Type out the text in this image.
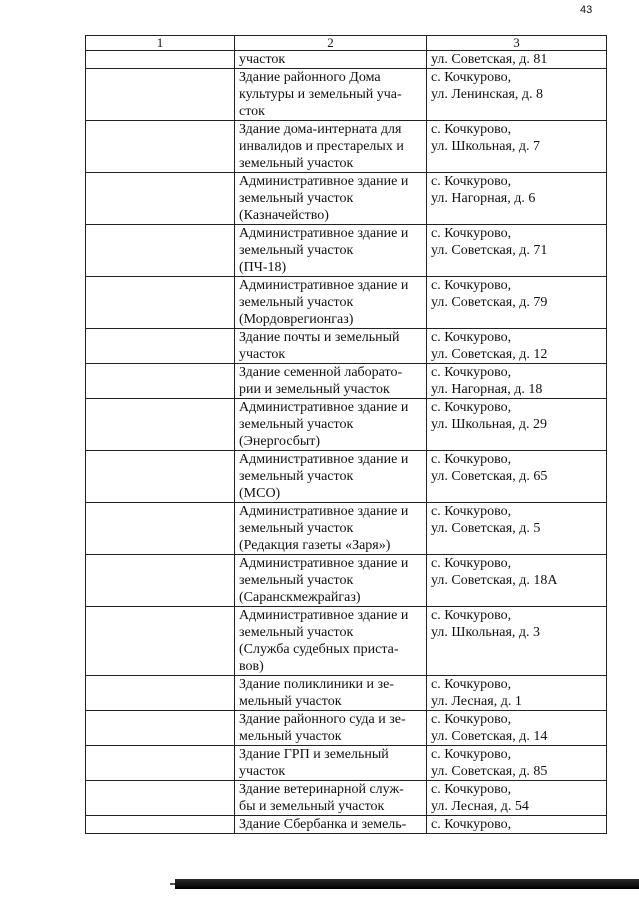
43
1	2	3

	участок	ул. Советская, д. 81

	Здание районного Дома
культуры и земельный уча-
сток	с. Кочкурово,
ул. Ленинская, д. 8

	Здание дома-интерната для
инвалидов и престарелых и
земельный участок	с. Кочкурово,
ул. Школьная, д. 7

	Административное здание и
земельный участок
(Казначейство)	с. Кочкурово,
ул. Нагорная, д. 6

	Административное здание и
земельный участок
(ПЧ-18)	с. Кочкурово,
ул. Советская, д. 71

	Административное здание и
земельный участок
(Мордоврегионгаз)	с. Кочкурово,
ул. Советская, д. 79

	Здание почты и земельный
участок	с. Кочкурово,
ул. Советская, д. 12

	Здание семенной лаборато-
рии и земельный участок	с. Кочкурово,
ул. Нагорная, д. 18

	Административное здание и
земельный участок
(Энергосбыт)	с. Кочкурово,
ул. Школьная, д. 29

	Административное здание и
земельный участок
(МСО)	с. Кочкурово,
ул. Советская, д. 65

	Административное здание и
земельный участок
(Редакция газеты «Заря»)	с. Кочкурово,
ул. Советская, д. 5

	Административное здание и
земельный участок
(Саранскмежрайгаз)	с. Кочкурово,
ул. Советская, д. 18А

	Административное здание и
земельный участок
(Служба судебных приста-
вов)	с. Кочкурово,
ул. Школьная, д. 3

	Здание поликлиники и зе-
мельный участок	с. Кочкурово,
ул. Лесная, д. 1

	Здание районного суда и зе-
мельный участок	с. Кочкурово,
ул. Советская, д. 14

	Здание ГРП и земельный
участок	с. Кочкурово,
ул. Советская, д. 85

	Здание ветеринарной служ-
бы и земельный участок	с. Кочкурово,
ул. Лесная, д. 54

	Здание Сбербанка и земель-	с. Кочкурово,
